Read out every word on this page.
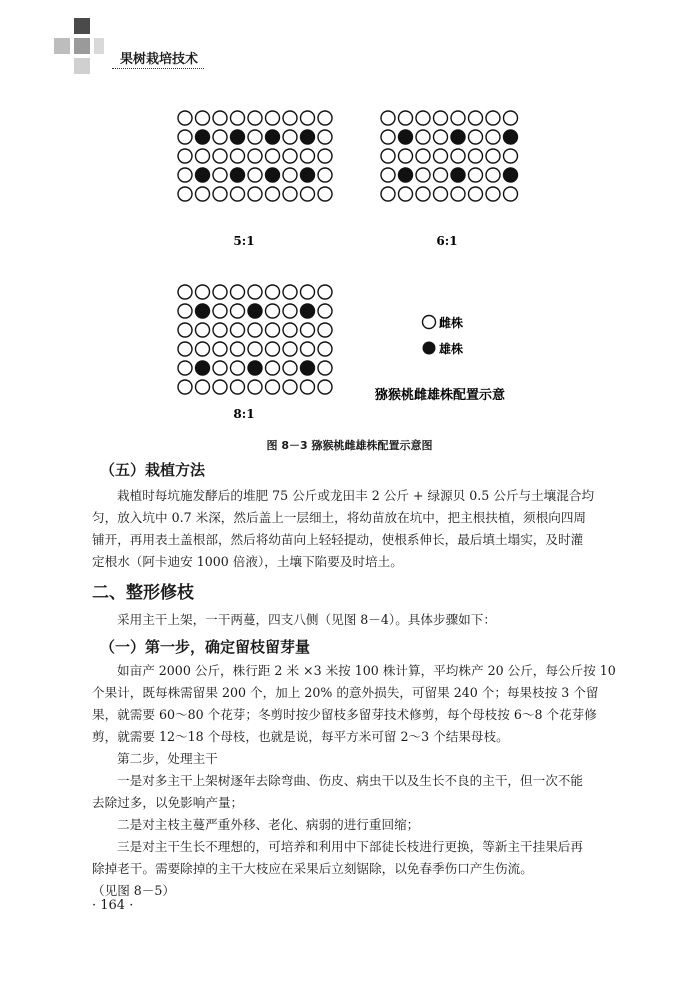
果树栽培技术
5:1	6:1
8:1
雌株
雄株
猕猴桃雌雄株配置示意
图 8－3 猕猴桃雌雄株配置示意图
（五）栽植方法
栽植时每坑施发酵后的堆肥 75 公斤或龙田丰 2 公斤 + 绿源贝 0.5 公斤与土壤混合均
匀，放入坑中 0.7 米深，然后盖上一层细土，将幼苗放在坑中，把主根扶植，须根向四周
铺开，再用表土盖根部，然后将幼苗向上轻轻提动，使根系伸长，最后填土塌实，及时灌
定根水（阿卡迪安 1000 倍液），土壤下陷要及时培土。
二、整形修枝
采用主干上架，一干两蔓，四支八侧（见图 8－4）。具体步骤如下：
（一）第一步，确定留枝留芽量
如亩产 2000 公斤，株行距 2 米 ×3 米按 100 株计算，平均株产 20 公斤，每公斤按 10
个果计，既每株需留果 200 个，加上 20% 的意外损失，可留果 240 个；每果枝按 3 个留
果，就需要 60～80 个花芽；冬剪时按少留枝多留芽技术修剪，每个母枝按 6～8 个花芽修
剪，就需要 12～18 个母枝，也就是说，每平方米可留 2～3 个结果母枝。
第二步，处理主干
一是对多主干上架树逐年去除弯曲、伤皮、病虫干以及生长不良的主干，但一次不能
去除过多，以免影响产量；
二是对主枝主蔓严重外移、老化、病弱的进行重回缩；
三是对主干生长不理想的，可培养和利用中下部徒长枝进行更换，等新主干挂果后再
除掉老干。需要除掉的主干大枝应在采果后立刻锯除，以免春季伤口产生伤流。
（见图 8－5）
· 164 ·
